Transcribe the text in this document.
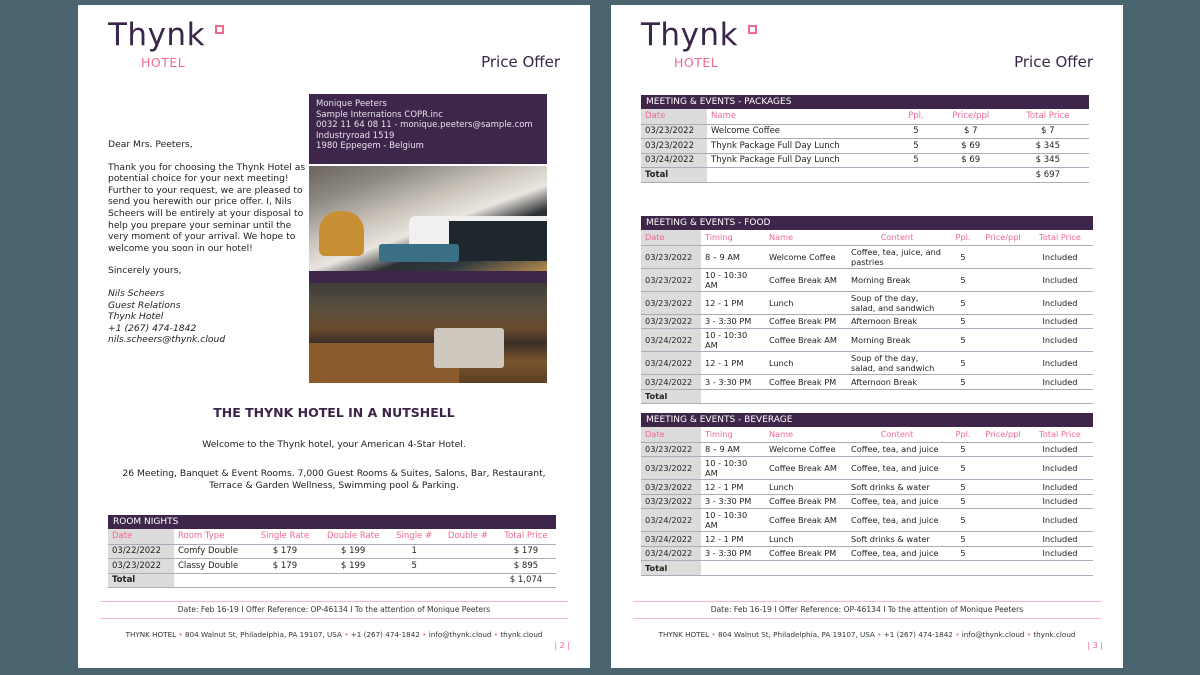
Thynk
HOTEL	Price Offer
Monique Peeters
Sample Internations COPR.inc
0032 11 64 08 11 - monique.peeters@sample.com
Industryroad 1519
1980 Eppegem - Belgium

Dear Mrs. Peeters,

Thank you for choosing the Thynk Hotel as potential choice for your next meeting! Further to your request, we are pleased to send you herewith our price offer. I, Nils Scheers will be entirely at your disposal to help you prepare your seminar until the very moment of your arrival. We hope to welcome you soon in our hotel!

Sincerely yours,

Nils Scheers
Guest Relations
Thynk Hotel
+1 (267) 474-1842
nils.scheers@thynk.cloud
THE THYNK HOTEL IN A NUTSHELL
Welcome to the Thynk hotel, your American 4-Star Hotel.
26 Meeting, Banquet & Event Rooms. 7,000 Guest Rooms & Suites, Salons, Bar, Restaurant, Terrace & Garden Wellness, Swimming pool & Parking.
ROOM NIGHTS						
Date	Room Type	Single Rate	Double Rate	Single #	Double #	Total Price
03/22/2022	Comfy Double	$ 179	$ 199	1		$ 179
03/23/2022	Classy Double	$ 179	$ 199	5		$ 895
Total						$ 1,074
Date: Feb 16-19 I Offer Reference: OP-46134 I To the attention of Monique Peeters
THYNK HOTEL • 804 Walnut St, Philadelphia, PA 19107, USA • +1 (267) 474-1842 • info@thynk.cloud • thynk.cloud
| 2 |
Thynk
HOTEL	Price Offer
MEETING & EVENTS - PACKAGES				
Date	Name	Ppl.	Price/ppl	Total Price
03/23/2022	Welcome Coffee	5	$ 7	$ 7
03/23/2022	Thynk Package Full Day Lunch	5	$ 69	$ 345
03/24/2022	Thynk Package Full Day Lunch	5	$ 69	$ 345
Total				$ 697
MEETING & EVENTS - FOOD						
Date	Timing	Name	Content	Ppl.	Price/ppl	Total Price
03/23/2022	8 – 9 AM	Welcome Coffee	Coffee, tea, juice, and pastries	5		Included
03/23/2022	10 - 10:30 AM	Coffee Break AM	Morning Break	5		Included
03/23/2022	12 - 1 PM	Lunch	Soup of the day, salad, and sandwich	5		Included
03/23/2022	3 - 3:30 PM	Coffee Break PM	Afternoon Break	5		Included
03/24/2022	10 - 10:30 AM	Coffee Break AM	Morning Break	5		Included
03/24/2022	12 - 1 PM	Lunch	Soup of the day, salad, and sandwich	5		Included
03/24/2022	3 - 3:30 PM	Coffee Break PM	Afternoon Break	5		Included
Total						
MEETING & EVENTS - BEVERAGE						
Date	Timing	Name	Content	Ppl.	Price/ppl	Total Price
03/23/2022	8 – 9 AM	Welcome Coffee	Coffee, tea, and juice	5		Included
03/23/2022	10 - 10:30 AM	Coffee Break AM	Coffee, tea, and juice	5		Included
03/23/2022	12 - 1 PM	Lunch	Soft drinks & water	5		Included
03/23/2022	3 - 3:30 PM	Coffee Break PM	Coffee, tea, and juice	5		Included
03/24/2022	10 - 10:30 AM	Coffee Break AM	Coffee, tea, and juice	5		Included
03/24/2022	12 - 1 PM	Lunch	Soft drinks & water	5		Included
03/24/2022	3 - 3:30 PM	Coffee Break PM	Coffee, tea, and juice	5		Included
Total						
Date: Feb 16-19 I Offer Reference: OP-46134 I To the attention of Monique Peeters
THYNK HOTEL • 804 Walnut St, Philadelphia, PA 19107, USA • +1 (267) 474-1842 • info@thynk.cloud • thynk.cloud
| 3 |
